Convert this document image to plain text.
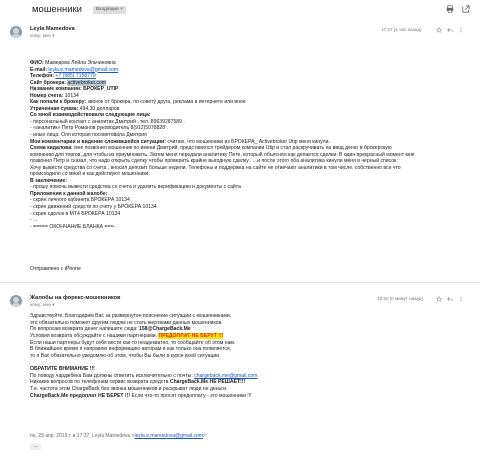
мошенники	Входящие ×
Leyla Mamedova
кому: мне ▾
17:37 (1 час назад)
ФИО: Мамедова Лейла Эльчиновна
E-mail: leyla.e.mamedova@gmail.com
Телефон: +7 (985) 7158779
Сайт брокера: activebroker.com
Название компании: БРОКЕР_UTIP
Номер счета: 10134
Как попали к брокеру: звонок от брокера, по совету друга, реклама в интернете или иное
Утраченная сумма: 494.30 долларов
Со мной взаимодействовали следующие лица:
- персональный контакт с аналитик Дмитрий , тел. 89639287589 .
- «аналитик» Петр Романов руководитель 8(912)5078828 .
- иные лица: Оля которая посоветовала Дмитрия
Мои комментарии и видение сложившейся ситуации: считаю, что мошенники из БРОКЕРА_ Activebroker Utip меня кинули.
Схема кидалова: мне позвонил мошенник по имени Дмитрий, представился трейдером компании Utip и стал раскручивать на ввод денег в брокерскую
компанию для торгов, для чтобы из приумножить. Затем меня передали аналитику Пете, который объяснял как делается сделки. В один прекрасный момент мне
позвонил Петр и сказал, что надо открыть сделку чтобы проверить крайне выгодную сделку . ...и после этого оба аналитика кинули меня в черный список.
Хочу вывести средства со счета , вносил депозит больше недели. Телефоны и поддержка на сайте не отвечают аналитики в том числе. собственно все что
происходило со мной и как действуют мошенники.
В заключение:
- прошу помочь вывести средства со счета и удалить верификацию и документы с сайта
Приложения к данной жалобе:
- скрин личного кабинета БРОКЕРА 10134
- скрин движений средств по счету у БРОКЕРА 10134
- скрин сделок в МТ4 БРОКЕРА 10134
- ...
- ===== ОКОНЧАНИЕ БЛАНКА ===-
Отправлено с iPhone
Жалобы на форекс-мошенников
кому: мне ▾
18:50 (0 минут назад)
Здравствуйте. Благодарим Вас за развернутое пояснение ситуации с мошенниками,
это обязательно поможет другим людям не стать жертвами данных мошенников.
По вопросам возврата денег напишите сюда: 158@ChargeBack.Me
Условия возврата обсуждайте с нашими партнерами. ПРЕДОПЛАТ НЕ БЕРУТ !!!
Если наши партнеры будут себя вести как-то неадекватно, то сообщайте об этом нам.
В ближайшее время я направлю информацию авторам и как только она появляется,
то я Вас обязательно уведомлю об этом, чтобы Вы были в курсе всей ситуации.
ОБРАТИТЕ ВНИМАНИЕ !!!
По поводу чарджбека Вам должны ответить исключительно с почты: chargeback.me@gmail.com
Никаких вопросов по телефонам сервис возврата средств ChargeBack.Me НЕ РЕШАЕТ!!!
Т.е. частота этом ChargeBack без звонка мошенников и раскрыват люди не деньги.
ChargeBack.Me предоплат НЕ БЕРЕТ !!! Если что-то просят предоплату - это мошенники !!!
пн, 29 апр. 2019 г. в 17:37, Leyla Mamedova <leyla.e.mamedova@gmail.com>:
...
